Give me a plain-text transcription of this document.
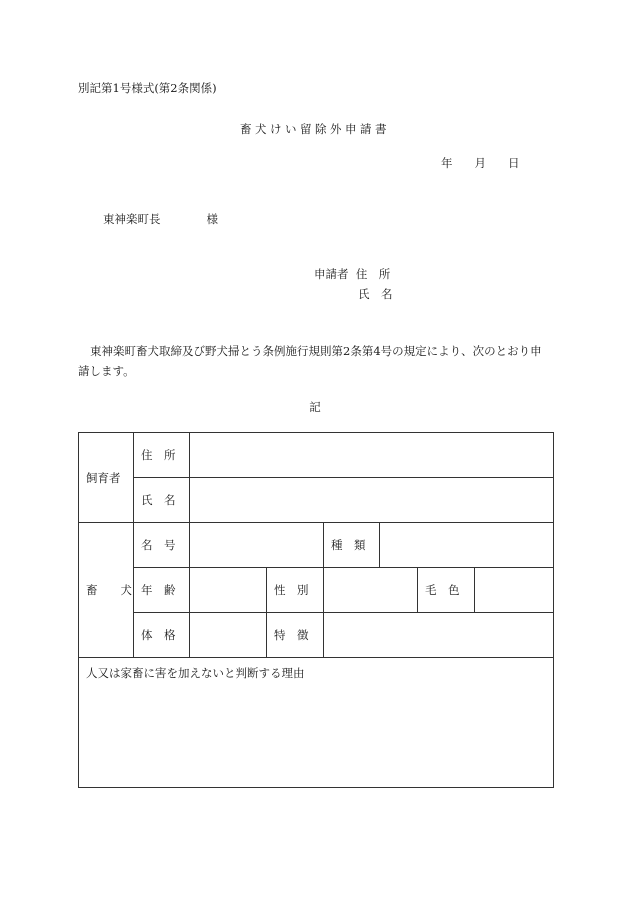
別記第1号様式(第2条関係)
畜犬けい留除外申請書
年 月 日
東神楽町長	様
申請者 住　所
氏　名
東神楽町畜犬取締及び野犬掃とう条例施行規則第2条第4号の規定により、次のとおり申請します。
記
飼育者	住　所						
	氏　名						
畜　　犬	名　号			種　類			
	年　齢		性　別			毛　色	
	体　格		特　徴				
人又は家畜に害を加えないと判断する理由							
